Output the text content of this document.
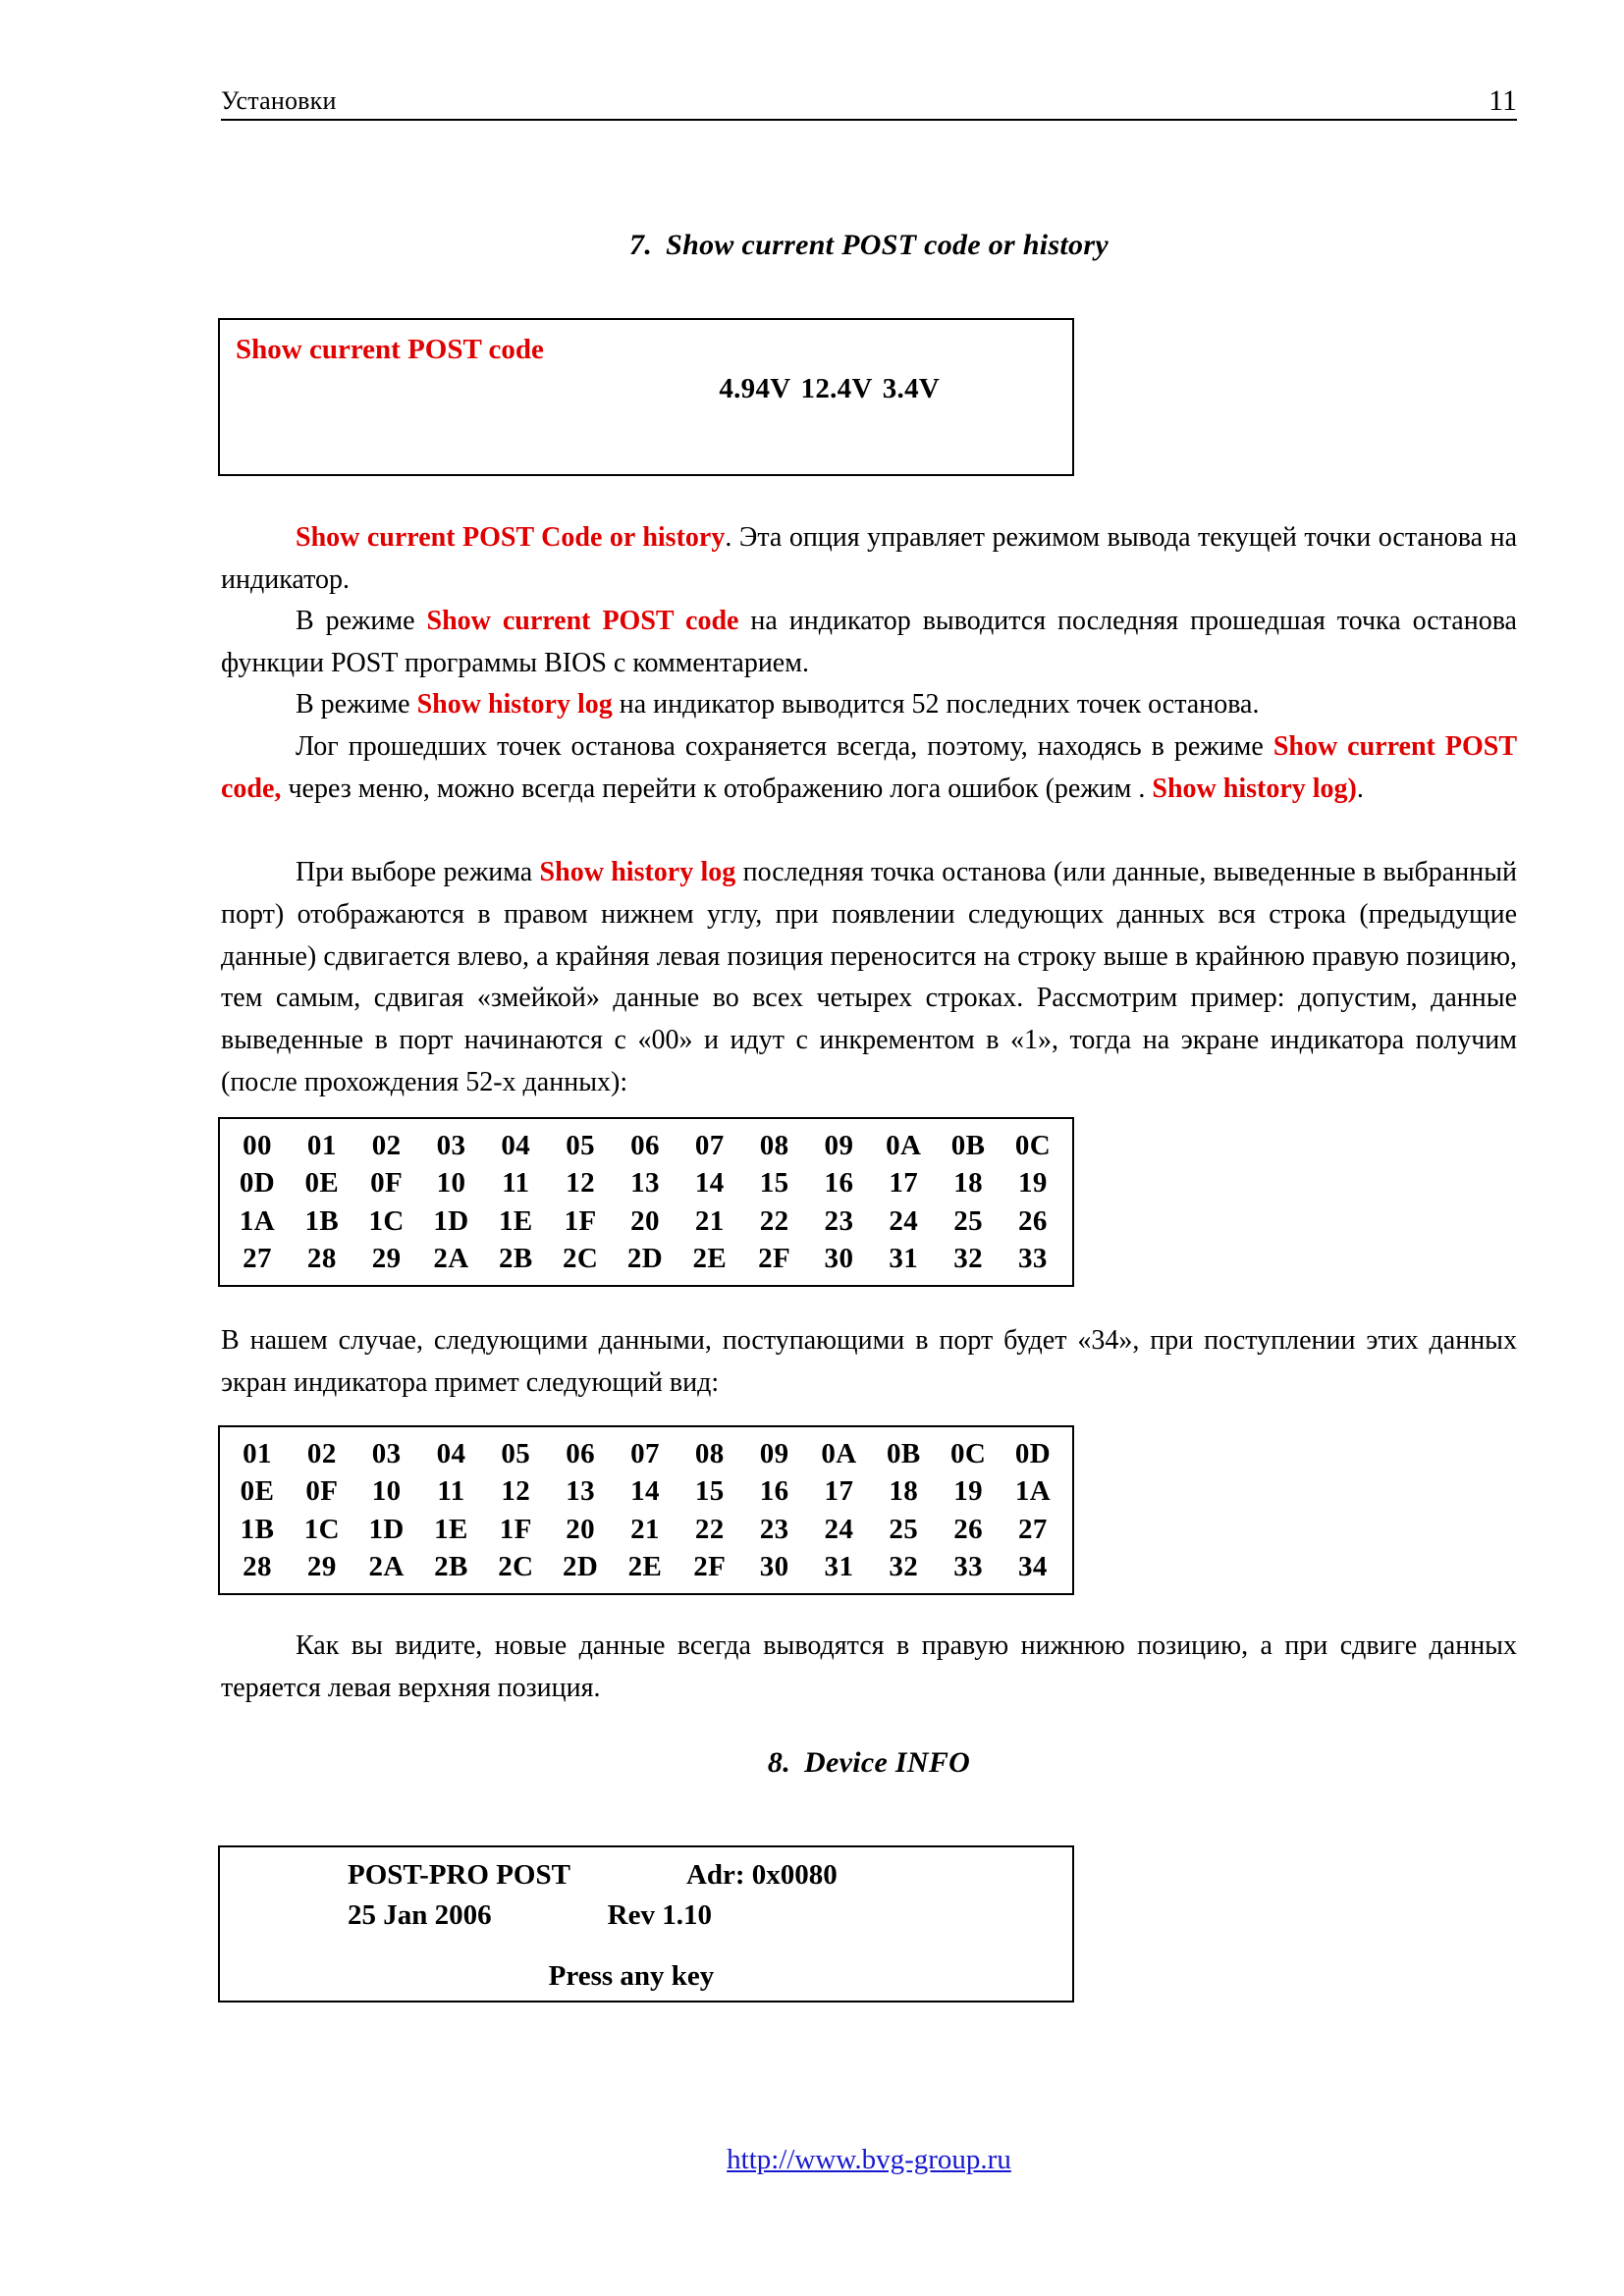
Установки	11
7. Show current POST code or history
Show current POST code

4.94V 12.4V 3.4V

Show current POST Code or history. Эта опция управляет режимом вывода текущей точки останова на индикатор.
В режиме Show current POST code на индикатор выводится последняя прошедшая точка останова функции POST программы BIOS с комментарием.
В режиме Show history log на индикатор выводится 52 последних точек останова.
Лог прошедших точек останова сохраняется всегда, поэтому, находясь в режиме Show current POST code, через меню, можно всегда перейти к отображению лога ошибок (режим . Show history log).
При выборе режима Show history log последняя точка останова (или данные, выведенные в выбранный порт) отображаются в правом нижнем углу, при появлении следующих данных вся строка (предыдущие данные) сдвигается влево, а крайняя левая позиция переносится на строку выше в крайнюю правую позицию, тем самым, сдвигая «змейкой» данные во всех четырех строках. Рассмотрим пример: допустим, данные выведенные в порт начинаются с «00» и идут с инкрементом в «1», тогда на экране индикатора получим (после прохождения 52-х данных):
00 01 02 03 04 05 06 07 08 09 0A 0B 0C
0D 0E 0F 10 11 12 13 14 15 16 17 18 19
1A 1B 1C 1D 1E 1F 20 21 22 23 24 25 26
27 28 29 2A 2B 2C 2D 2E 2F 30 31 32 33
В нашем случае, следующими данными, поступающими в порт будет «34», при поступлении этих данных экран индикатора примет следующий вид:
01 02 03 04 05 06 07 08 09 0A 0B 0C 0D
0E 0F 10 11 12 13 14 15 16 17 18 19 1A
1B 1C 1D 1E 1F 20 21 22 23 24 25 26 27
28 29 2A 2B 2C 2D 2E 2F 30 31 32 33 34
Как вы видите, новые данные всегда выводятся в правую нижнюю позицию, а при сдвиге данных теряется левая верхняя позиция.
8. Device INFO
POST-PRO POST	Adr: 0x0080
25 Jan 2006	Rev 1.10
Press any key
http://www.bvg-group.ru
